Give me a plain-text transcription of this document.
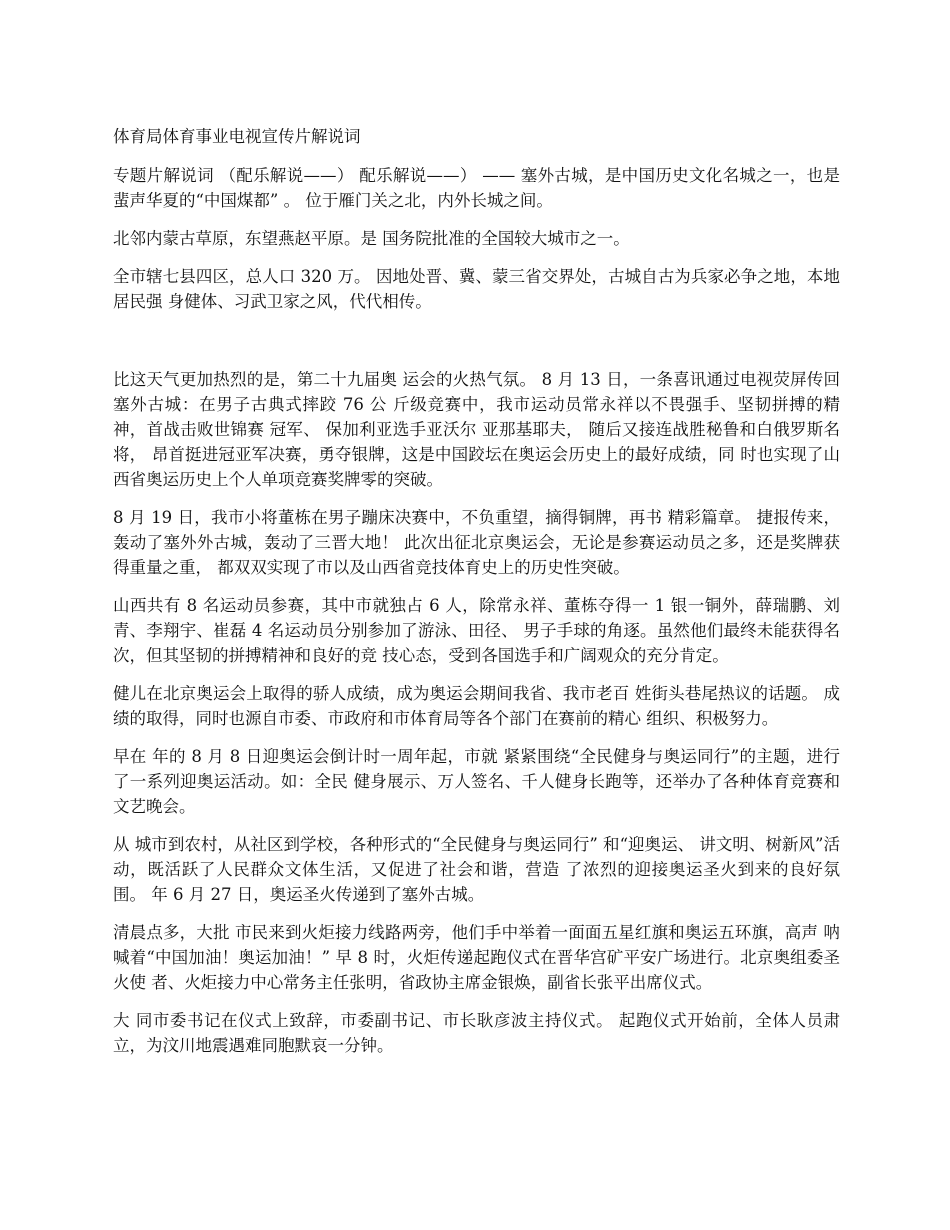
体育局体育事业电视宣传片解说词

专题片解说词 （配乐解说——） 配乐解说——） —— 塞外古城，是中国历史文化名城之一，也是蜚声华夏的“中国煤都” 。 位于雁门关之北，内外长城之间。

北邻内蒙古草原，东望燕赵平原。是 国务院批准的全国较大城市之一。

全市辖七县四区，总人口 320 万。 因地处晋、冀、蒙三省交界处，古城自古为兵家必争之地，本地居民强 身健体、习武卫家之风，代代相传。

比这天气更加热烈的是，第二十九届奥 运会的火热气氛。 8 月 13 日，一条喜讯通过电视荧屏传回塞外古城：在男子古典式摔跤 76 公 斤级竞赛中，我市运动员常永祥以不畏强手、坚韧拼搏的精神，首战击败世锦赛 冠军、 保加利亚选手亚沃尔 亚那基耶夫， 随后又接连战胜秘鲁和白俄罗斯名将， 昂首挺进冠亚军决赛，勇夺银牌，这是中国跤坛在奥运会历史上的最好成绩，同 时也实现了山西省奥运历史上个人单项竞赛奖牌零的突破。

8 月 19 日，我市小将董栋在男子蹦床决赛中，不负重望，摘得铜牌，再书 精彩篇章。 捷报传来，轰动了塞外外古城，轰动了三晋大地！ 此次出征北京奥运会，无论是参赛运动员之多，还是奖牌获得重量之重， 都双双实现了市以及山西省竞技体育史上的历史性突破。

山西共有 8 名运动员参赛，其中市就独占 6 人，除常永祥、董栋夺得一 1 银一铜外，薛瑞鹏、刘青、李翔宇、崔磊 4 名运动员分别参加了游泳、田径、 男子手球的角逐。虽然他们最终未能获得名次，但其坚韧的拼搏精神和良好的竞 技心态，受到各国选手和广阔观众的充分肯定。

健儿在北京奥运会上取得的骄人成绩，成为奥运会期间我省、我市老百 姓街头巷尾热议的话题。 成绩的取得，同时也源自市委、市政府和市体育局等各个部门在赛前的精心 组织、积极努力。

早在 年的 8 月 8 日迎奥运会倒计时一周年起，市就 紧紧围绕“全民健身与奥运同行”的主题，进行了一系列迎奥运活动。如：全民 健身展示、万人签名、千人健身长跑等，还举办了各种体育竞赛和文艺晚会。

从 城市到农村，从社区到学校，各种形式的“全民健身与奥运同行” 和“迎奥运、 讲文明、树新风”活动，既活跃了人民群众文体生活，又促进了社会和谐，营造 了浓烈的迎接奥运圣火到来的良好氛围。 年 6 月 27 日，奥运圣火传递到了塞外古城。

清晨点多，大批 市民来到火炬接力线路两旁，他们手中举着一面面五星红旗和奥运五环旗，高声 呐喊着“中国加油！奥运加油！” 早 8 时，火炬传递起跑仪式在晋华宫矿平安广场进行。北京奥组委圣火使 者、火炬接力中心常务主任张明，省政协主席金银焕，副省长张平出席仪式。

大 同市委书记在仪式上致辞，市委副书记、市长耿彦波主持仪式。 起跑仪式开始前，全体人员肃立，为汶川地震遇难同胞默哀一分钟。
